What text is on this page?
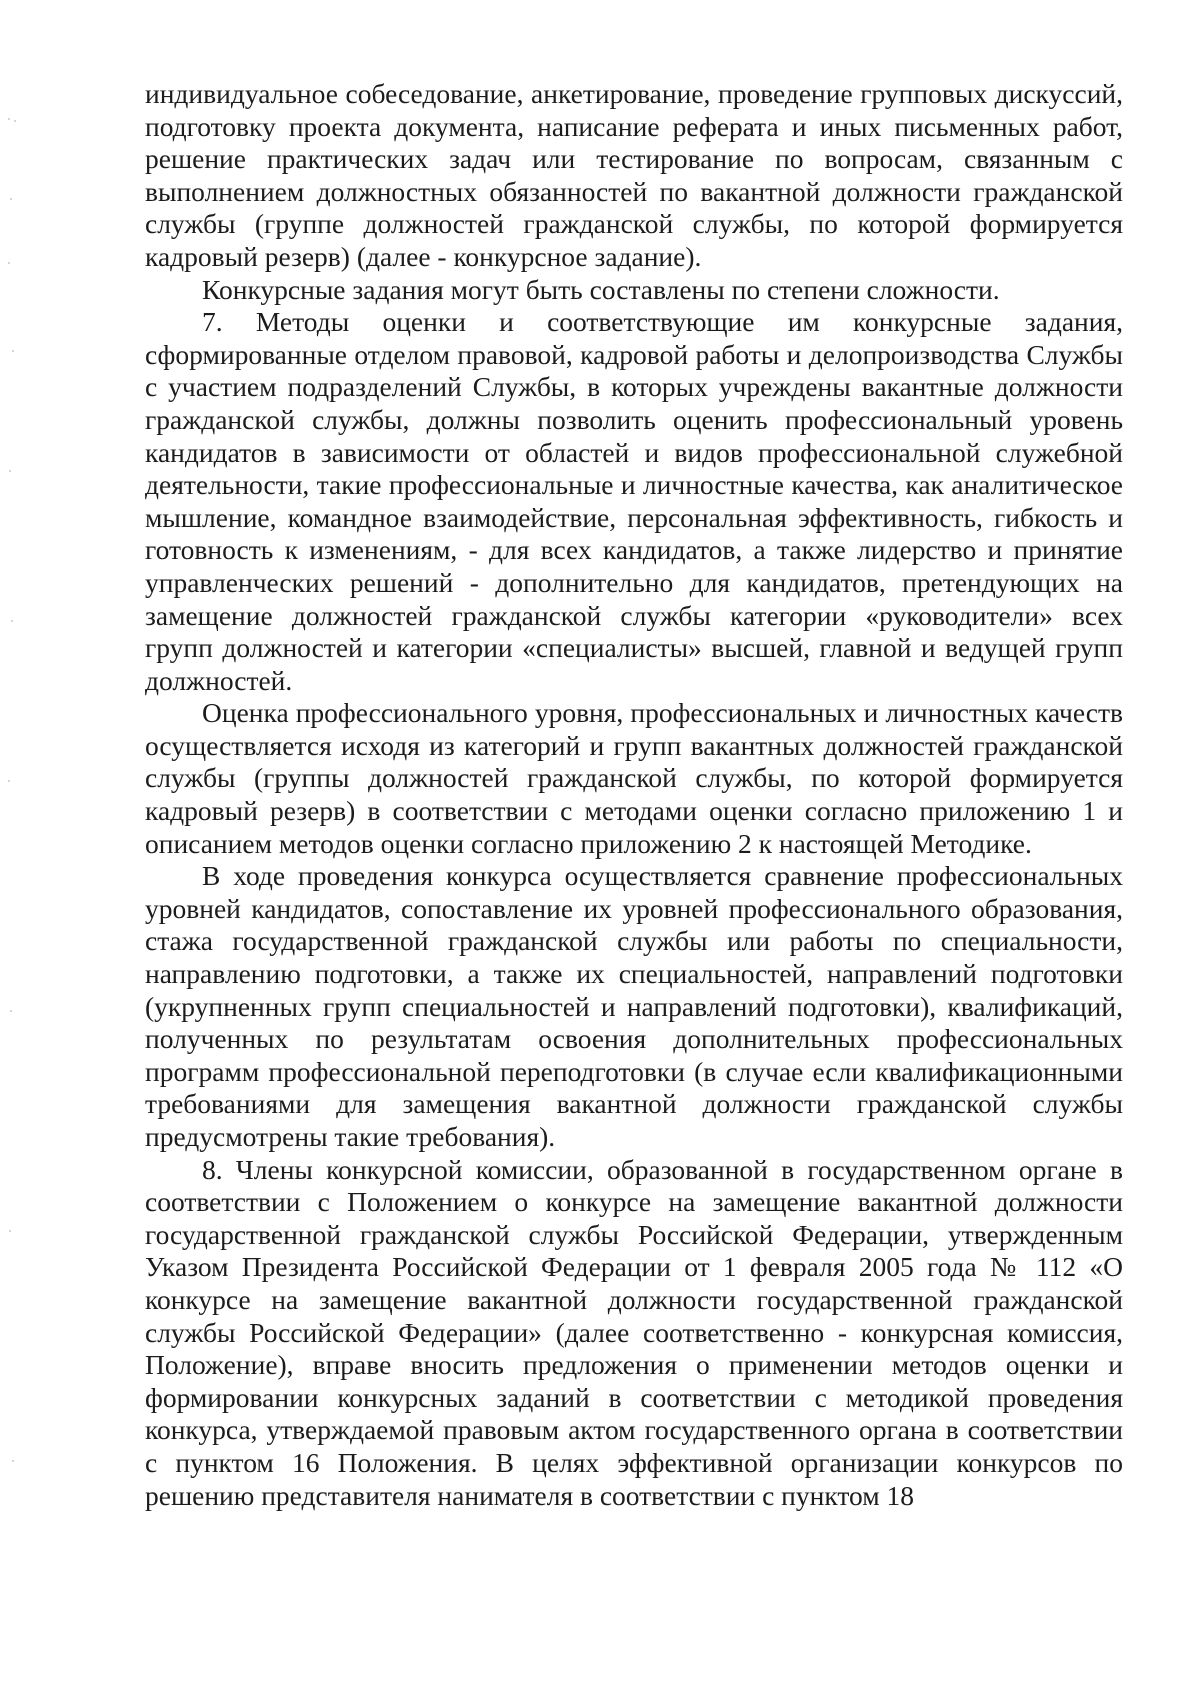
индивидуальное собеседование, анкетирование, проведение групповых дискуссий, подготовку проекта документа, написание реферата и иных письменных работ, решение практических задач или тестирование по вопросам, связанным с выполнением должностных обязанностей по вакантной должности гражданской службы (группе должностей гражданской службы, по которой формируется кадровый резерв) (далее - конкурсное задание).

Конкурсные задания могут быть составлены по степени сложности.

7. Методы оценки и соответствующие им конкурсные задания, сформированные отделом правовой, кадровой работы и делопроизводства Службы с участием подразделений Службы, в которых учреждены вакантные должности гражданской службы, должны позволить оценить профессиональный уровень кандидатов в зависимости от областей и видов профессиональной служебной деятельности, такие профессиональные и личностные качества, как аналитическое мышление, командное взаимодействие, персональная эффективность, гибкость и готовность к изменениям, - для всех кандидатов, а также лидерство и принятие управленческих решений - дополнительно для кандидатов, претендующих на замещение должностей гражданской службы категории «руководители» всех групп должностей и категории «специалисты» высшей, главной и ведущей групп должностей.

Оценка профессионального уровня, профессиональных и личностных качеств осуществляется исходя из категорий и групп вакантных должностей гражданской службы (группы должностей гражданской службы, по которой формируется кадровый резерв) в соответствии с методами оценки согласно приложению 1 и описанием методов оценки согласно приложению 2 к настоящей Методике.

В ходе проведения конкурса осуществляется сравнение профессиональных уровней кандидатов, сопоставление их уровней профессионального образования, стажа государственной гражданской службы или работы по специальности, направлению подготовки, а также их специальностей, направлений подготовки (укрупненных групп специальностей и направлений подготовки), квалификаций, полученных по результатам освоения дополнительных профессиональных программ профессиональной переподготовки (в случае если квалификационными требованиями для замещения вакантной должности гражданской службы предусмотрены такие требования).

8. Члены конкурсной комиссии, образованной в государственном органе в соответствии с Положением о конкурсе на замещение вакантной должности государственной гражданской службы Российской Федерации, утвержденным Указом Президента Российской Федерации от 1 февраля 2005 года № 112 «О конкурсе на замещение вакантной должности государственной гражданской службы Российской Федерации» (далее соответственно - конкурсная комиссия, Положение), вправе вносить предложения о применении методов оценки и формировании конкурсных заданий в соответствии с методикой проведения конкурса, утверждаемой правовым актом государственного органа в соответствии с пунктом 16 Положения. В целях эффективной организации конкурсов по решению представителя нанимателя в соответствии с пунктом 18
